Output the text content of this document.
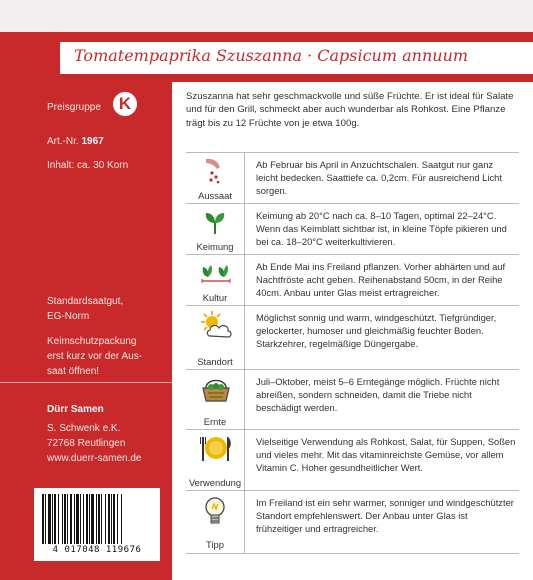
Tomatempaprika Szuszanna · Capsicum annuum
Preisgruppe
Art.-Nr. 1967
Inhalt: ca. 30 Korn
Standardsaatgut,
EG-Norm
Keimschutzpackung
erst kurz vor der Aus-
saat öffnen!
Dürr Samen
S. Schwenk e.K.
72768 Reutlingen
www.duerr-samen.de
K
4 017048 119676
Szuszanna hat sehr geschmackvolle und süße Früchte. Er ist ideal für Salate und für den Grill, schmeckt aber auch wunderbar als Rohkost. Eine Pflanze trägt bis zu 12 Früchte von je etwa 100g.
Aussaat
Ab Februar bis April in Anzuchtschalen. Saatgut nur ganz leicht bedecken. Saattiefe ca. 0,2cm. Für ausreichend Licht sorgen.
Keimung
Keimung ab 20°C nach ca. 8–10 Tagen, optimal 22–24°C. Wenn das Keimblatt sichtbar ist, in kleine Töpfe pikieren und bei ca. 18–20°C weiterkultivieren.
Kultur
Ab Ende Mai ins Freiland pflanzen. Vorher abhärten und auf Nachtfröste acht geben. Reihenabstand 50cm, in der Reihe 40cm. Anbau unter Glas meist ertragreicher.
Standort
Möglichst sonnig und warm, windgeschützt. Tiefgründiger, gelockerter, humoser und gleichmäßig feuchter Boden. Starkzehrer, regelmäßige Düngergabe.
Ernte
Juli–Oktober, meist 5–6 Erntegänge möglich. Früchte nicht abreißen, sondern schneiden, damit die Triebe nicht beschädigt werden.
Verwendung
Vielseitige Verwendung als Rohkost, Salat, für Suppen, Soßen und vieles mehr. Mit das vitaminreichste Gemüse, vor allem Vitamin C. Hoher gesundheitlicher Wert.
Tipp
Im Freiland ist ein sehr warmer, sonniger und windgeschützter Standort empfehlenswert. Der Anbau unter Glas ist frühzeitiger und ertragreicher.
